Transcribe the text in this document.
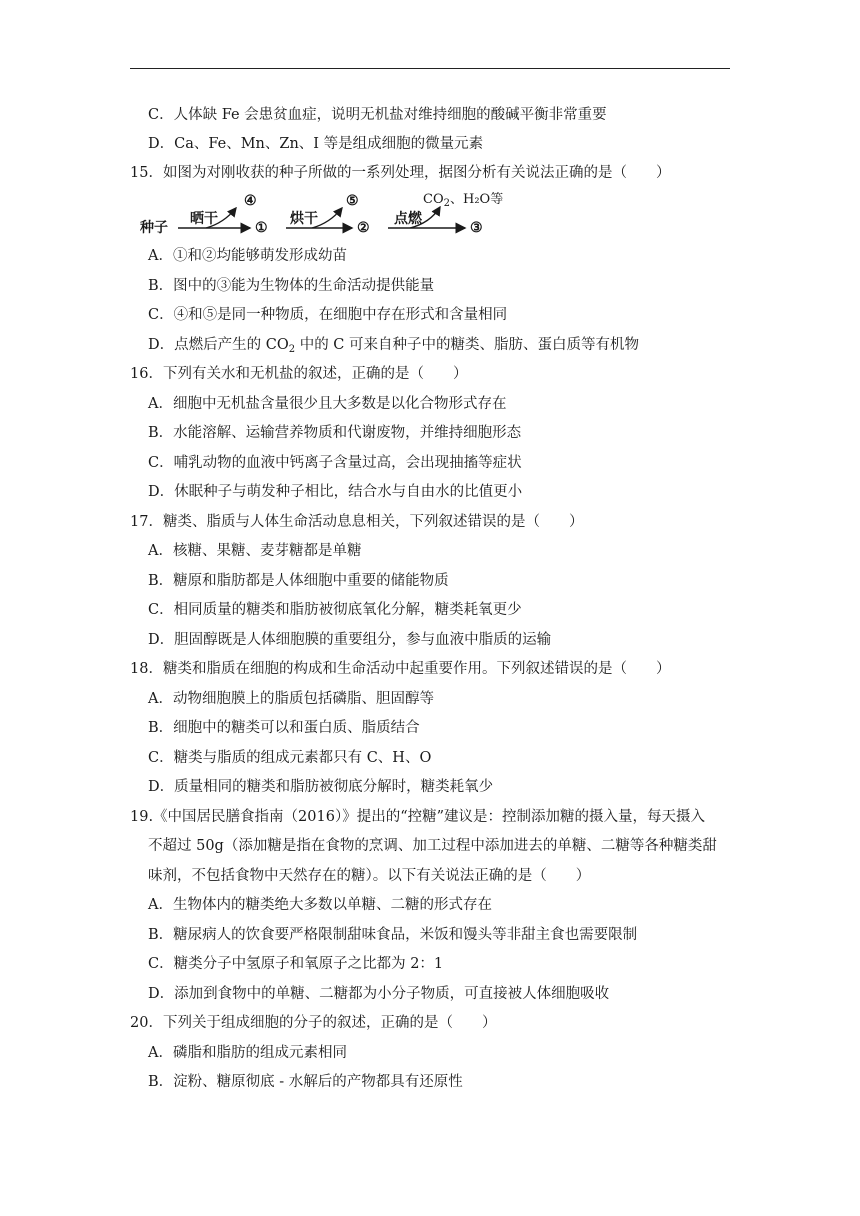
C．人体缺 Fe 会患贫血症，说明无机盐对维持细胞的酸碱平衡非常重要
D．Ca、Fe、Mn、Zn、I 等是组成细胞的微量元素
15．如图为对刚收获的种子所做的一系列处理，据图分析有关说法正确的是（　　）
种子
晒干
④
①
烘干
⑤
②
点燃
$CO_2$、H₂O等
③
A．①和②均能够萌发形成幼苗
B．图中的③能为生物体的生命活动提供能量
C．④和⑤是同一种物质，在细胞中存在形式和含量相同
D．点燃后产生的 $CO_2$ 中的 C 可来自种子中的糖类、脂肪、蛋白质等有机物
16．下列有关水和无机盐的叙述，正确的是（　　）
A．细胞中无机盐含量很少且大多数是以化合物形式存在
B．水能溶解、运输营养物质和代谢废物，并维持细胞形态
C．哺乳动物的血液中钙离子含量过高，会出现抽搐等症状
D．休眠种子与萌发种子相比，结合水与自由水的比值更小
17．糖类、脂质与人体生命活动息息相关，下列叙述错误的是（　　）
A．核糖、果糖、麦芽糖都是单糖
B．糖原和脂肪都是人体细胞中重要的储能物质
C．相同质量的糖类和脂肪被彻底氧化分解，糖类耗氧更少
D．胆固醇既是人体细胞膜的重要组分，参与血液中脂质的运输
18．糖类和脂质在细胞的构成和生命活动中起重要作用。下列叙述错误的是（　　）
A．动物细胞膜上的脂质包括磷脂、胆固醇等
B．细胞中的糖类可以和蛋白质、脂质结合
C．糖类与脂质的组成元素都只有 C、H、O
D．质量相同的糖类和脂肪被彻底分解时，糖类耗氧少
19.《中国居民膳食指南（2016）》提出的“控糖”建议是：控制添加糖的摄入量，每天摄入
不超过 50g（添加糖是指在食物的烹调、加工过程中添加进去的单糖、二糖等各种糖类甜
味剂，不包括食物中天然存在的糖）。以下有关说法正确的是（　　）
A．生物体内的糖类绝大多数以单糖、二糖的形式存在
B．糖尿病人的饮食要严格限制甜味食品，米饭和馒头等非甜主食也需要限制
C．糖类分子中氢原子和氧原子之比都为 2：1
D．添加到食物中的单糖、二糖都为小分子物质，可直接被人体细胞吸收
20．下列关于组成细胞的分子的叙述，正确的是（　　）
A．磷脂和脂肪的组成元素相同
B．淀粉、糖原彻底 - 水解后的产物都具有还原性
